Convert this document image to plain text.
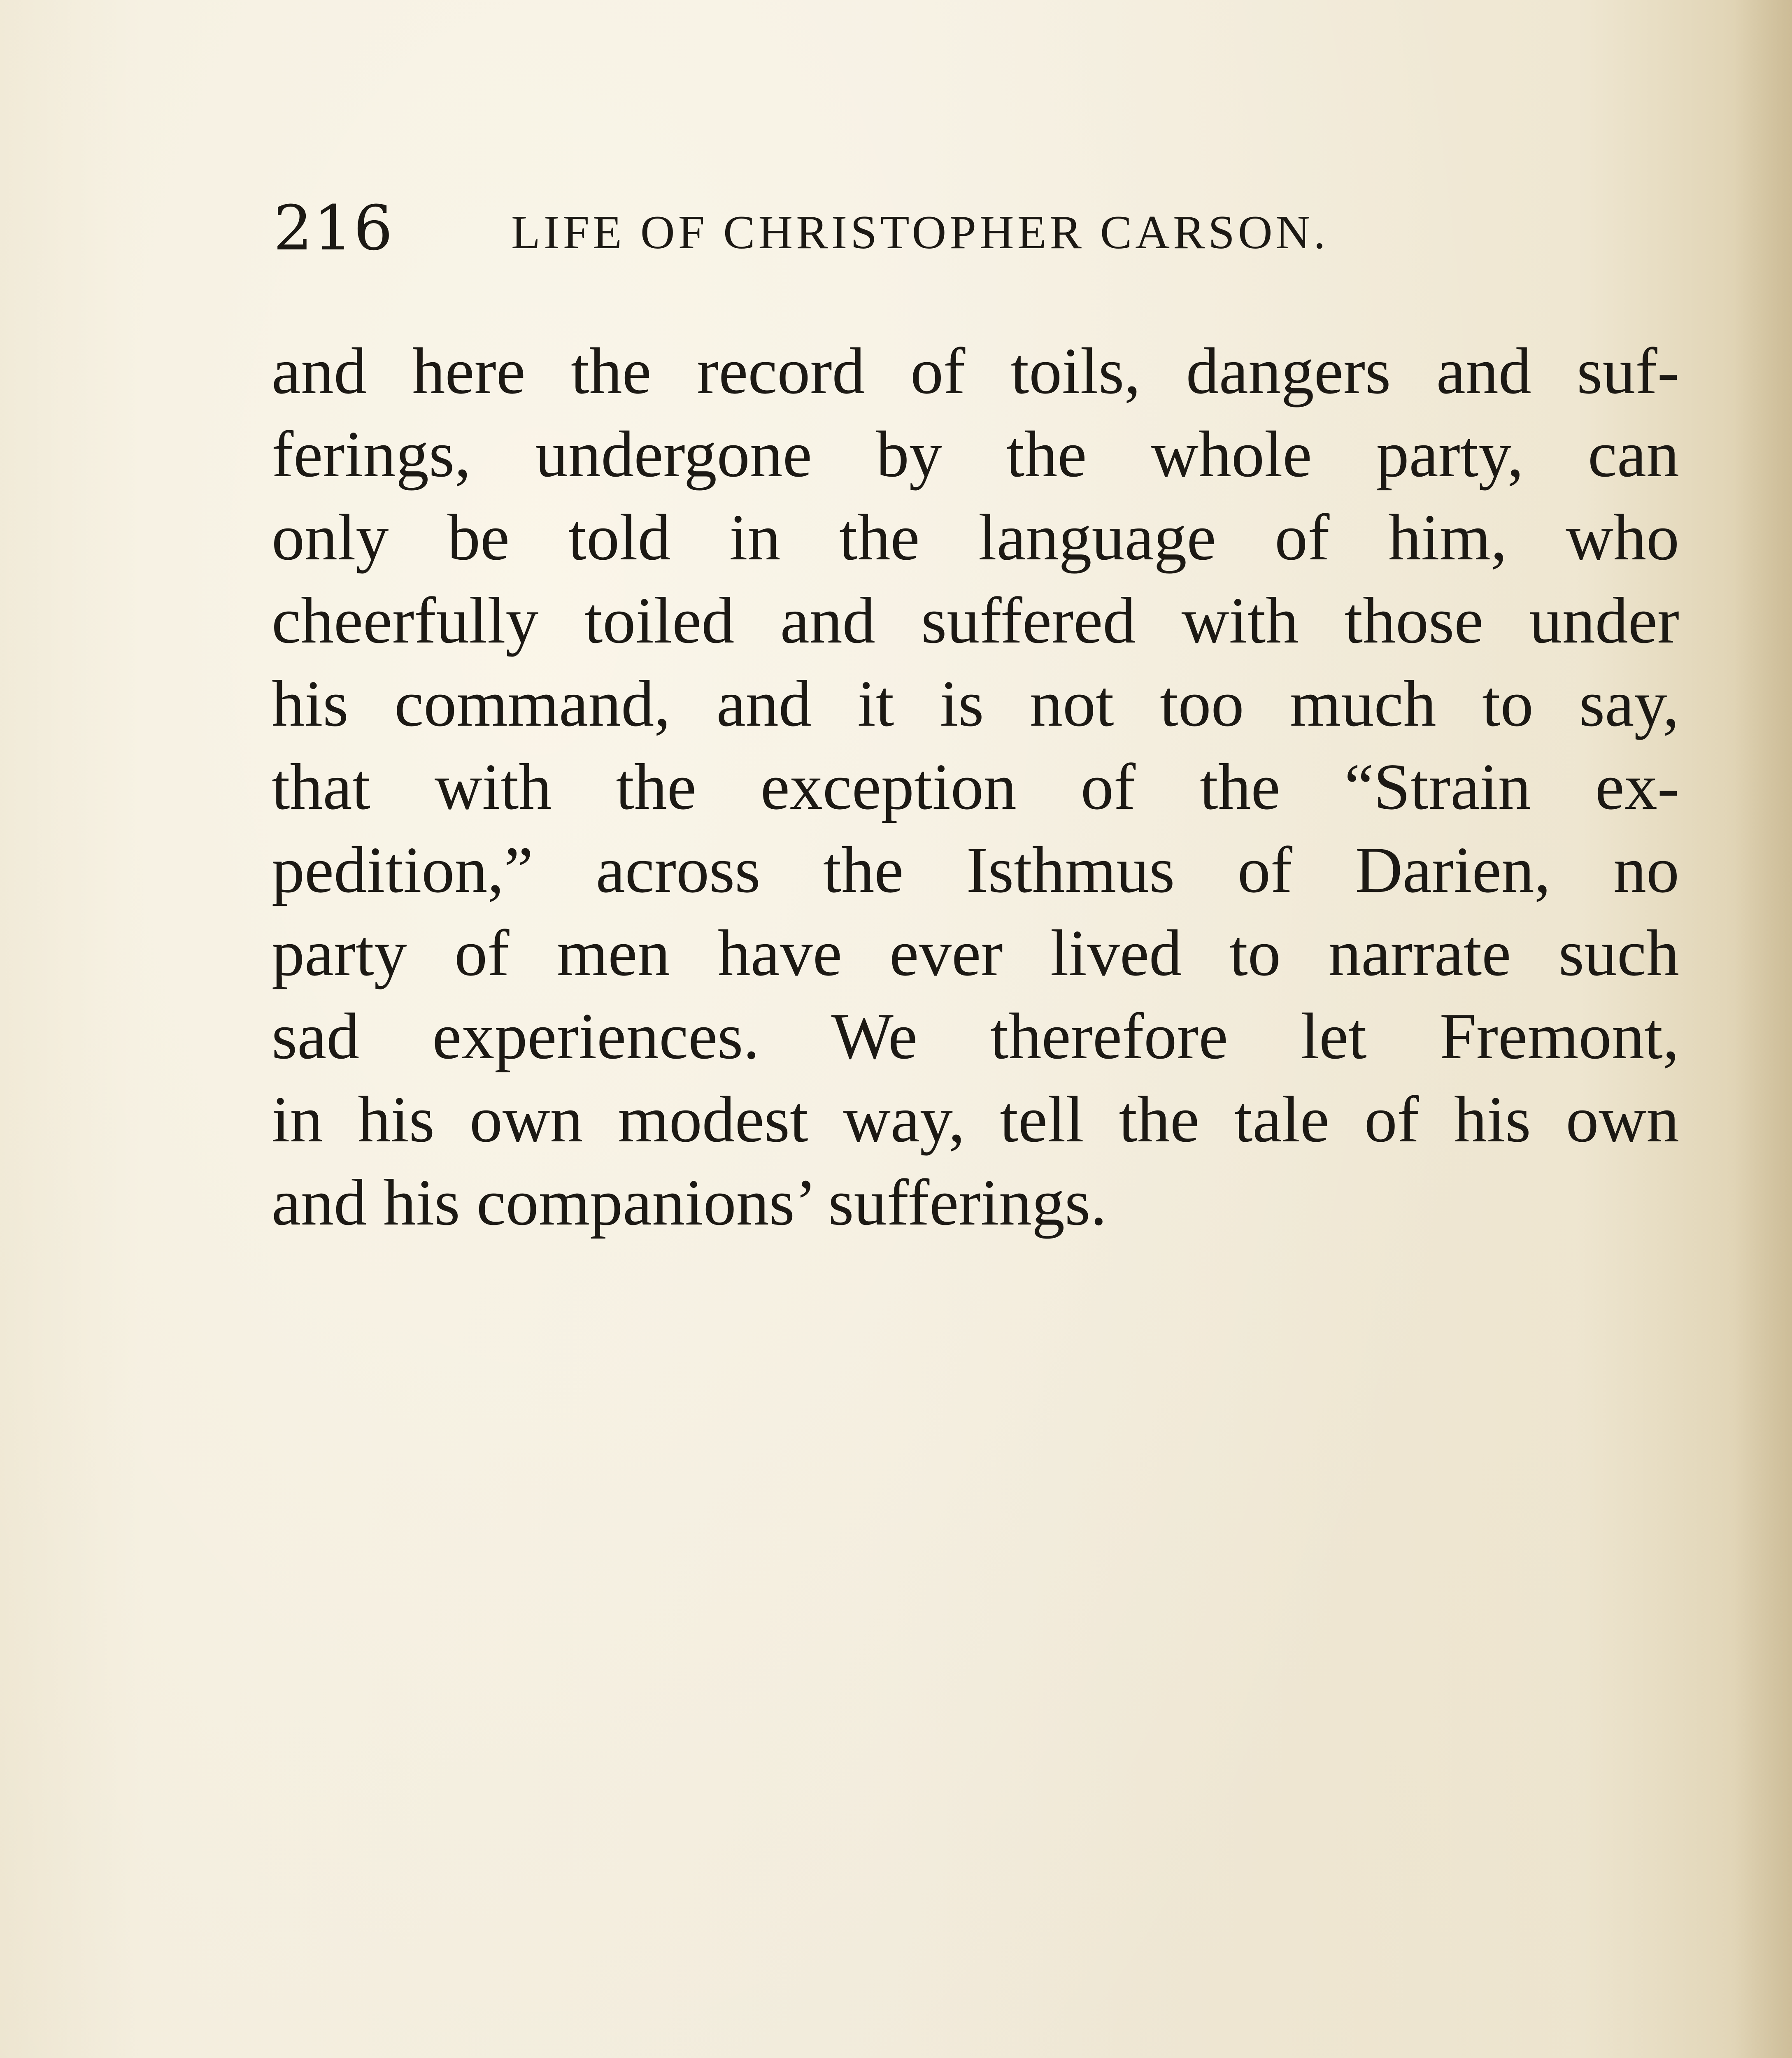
216 LIFE OF CHRISTOPHER CARSON.
and here the record of toils, dangers and suf-
ferings, undergone by the whole party, can
only be told in the language of him, who
cheerfully toiled and suffered with those under
his command, and it is not too much to say,
that with the exception of the “Strain ex-
pedition,” across the Isthmus of Darien, no
party of men have ever lived to narrate such
sad experiences. We therefore let Fremont,
in his own modest way, tell the tale of his own
and his companions’ sufferings.
